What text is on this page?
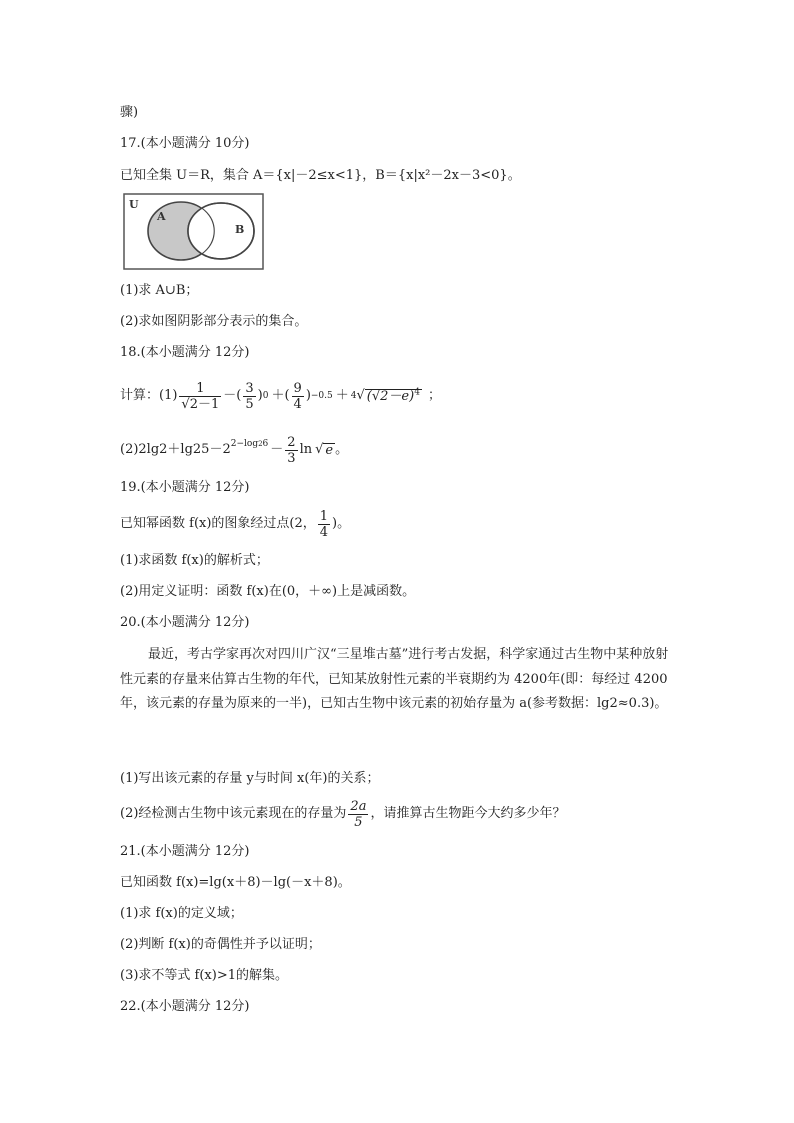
骤)
17.(本小题满分 10分)
已知全集 U＝R，集合 A＝{x|－2≤x<1}，B＝{x|x²－2x－3<0}。
U
A
B
(1)求 A∪B；
(2)求如图阴影部分表示的集合。
18.(本小题满分 12分)
计算：$(1) \frac{1}{√2-1}$ － ( $\frac{3}{5}$ ) 0 ＋ ( $\frac{9}{4}$ ) −0.5 ＋ 4 √ $(√2-e)^4$ ；
(2)2lg2＋lg25－ 2 $^{2-log26} - \frac{2}{3}$ ln √ e 。
19.(本小题满分 12分)
已知幂函数 f(x)的图象经过点(2， $\frac{1}{4}$ )。
(1)求函数 f(x)的解析式；
(2)用定义证明：函数 f(x)在(0，＋∞)上是减函数。
20.(本小题满分 12分)
最近，考古学家再次对四川广汉“三星堆古墓”进行考古发据，科学家通过古生物中某种放射性元素的存量来估算古生物的年代，已知某放射性元素的半衰期约为 4200年(即：每经过 4200年，该元素的存量为原来的一半)，已知古生物中该元素的初始存量为 a(参考数据：lg2≈0.3)。
(1)写出该元素的存量 y与时间 x(年)的关系；
(2)经检测古生物中该元素现在的存量为 $\frac{2a}{5}$ ，请推算古生物距今大约多少年？
21.(本小题满分 12分)
已知函数 f(x)=lg(x＋8)－lg(－x＋8)。
(1)求 f(x)的定义域；
(2)判断 f(x)的奇偶性并予以证明；
(3)求不等式 f(x)>1的解集。
22.(本小题满分 12分)
